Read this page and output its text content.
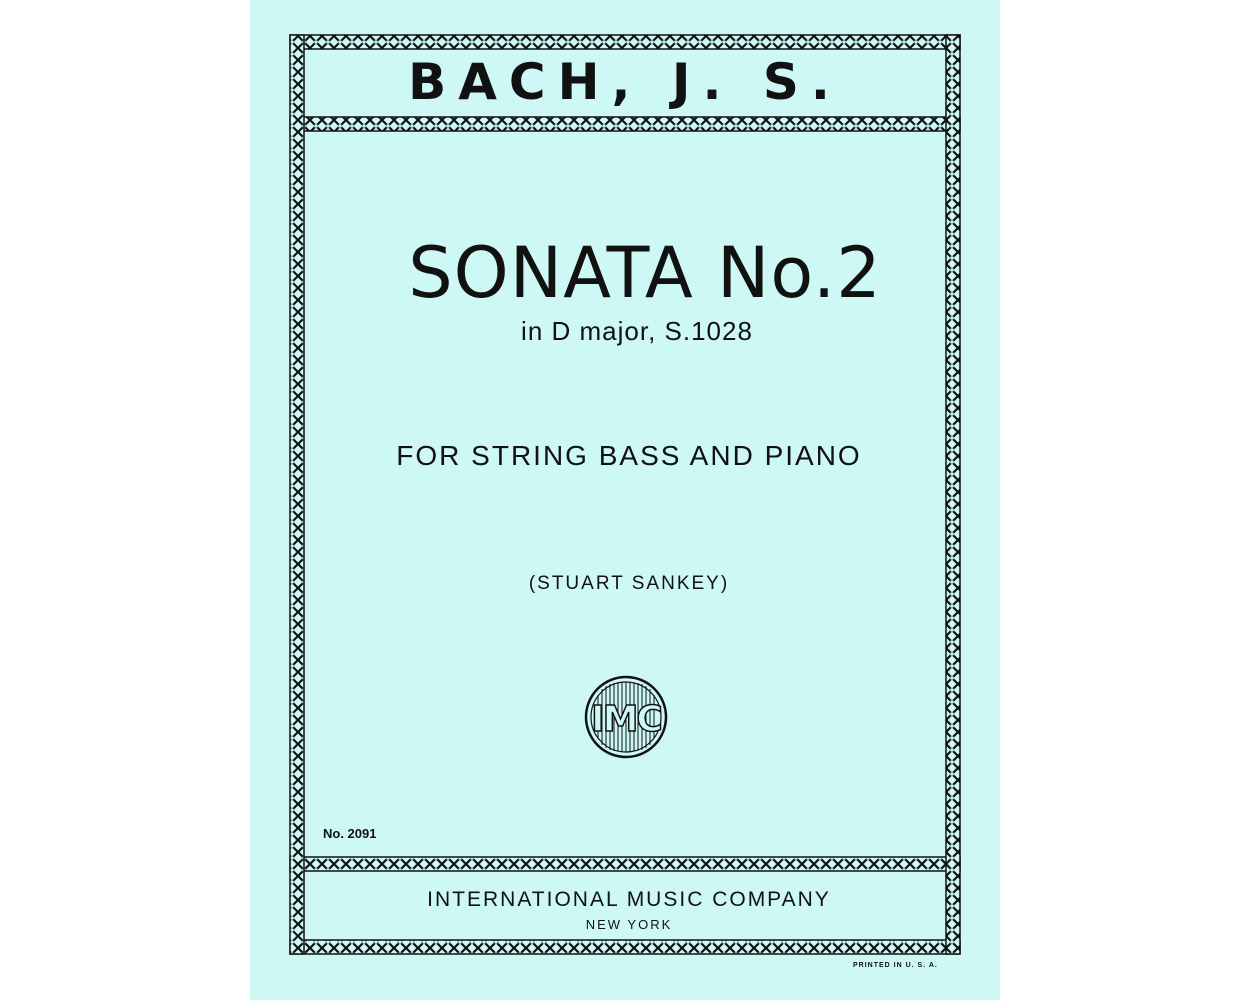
BACH, J. S.
SONATA No.2
in D major, S.1028
FOR STRING BASS AND PIANO
(STUART SANKEY)
IMC
No. 2091
INTERNATIONAL MUSIC COMPANY
NEW YORK
PRINTED IN U. S. A.
